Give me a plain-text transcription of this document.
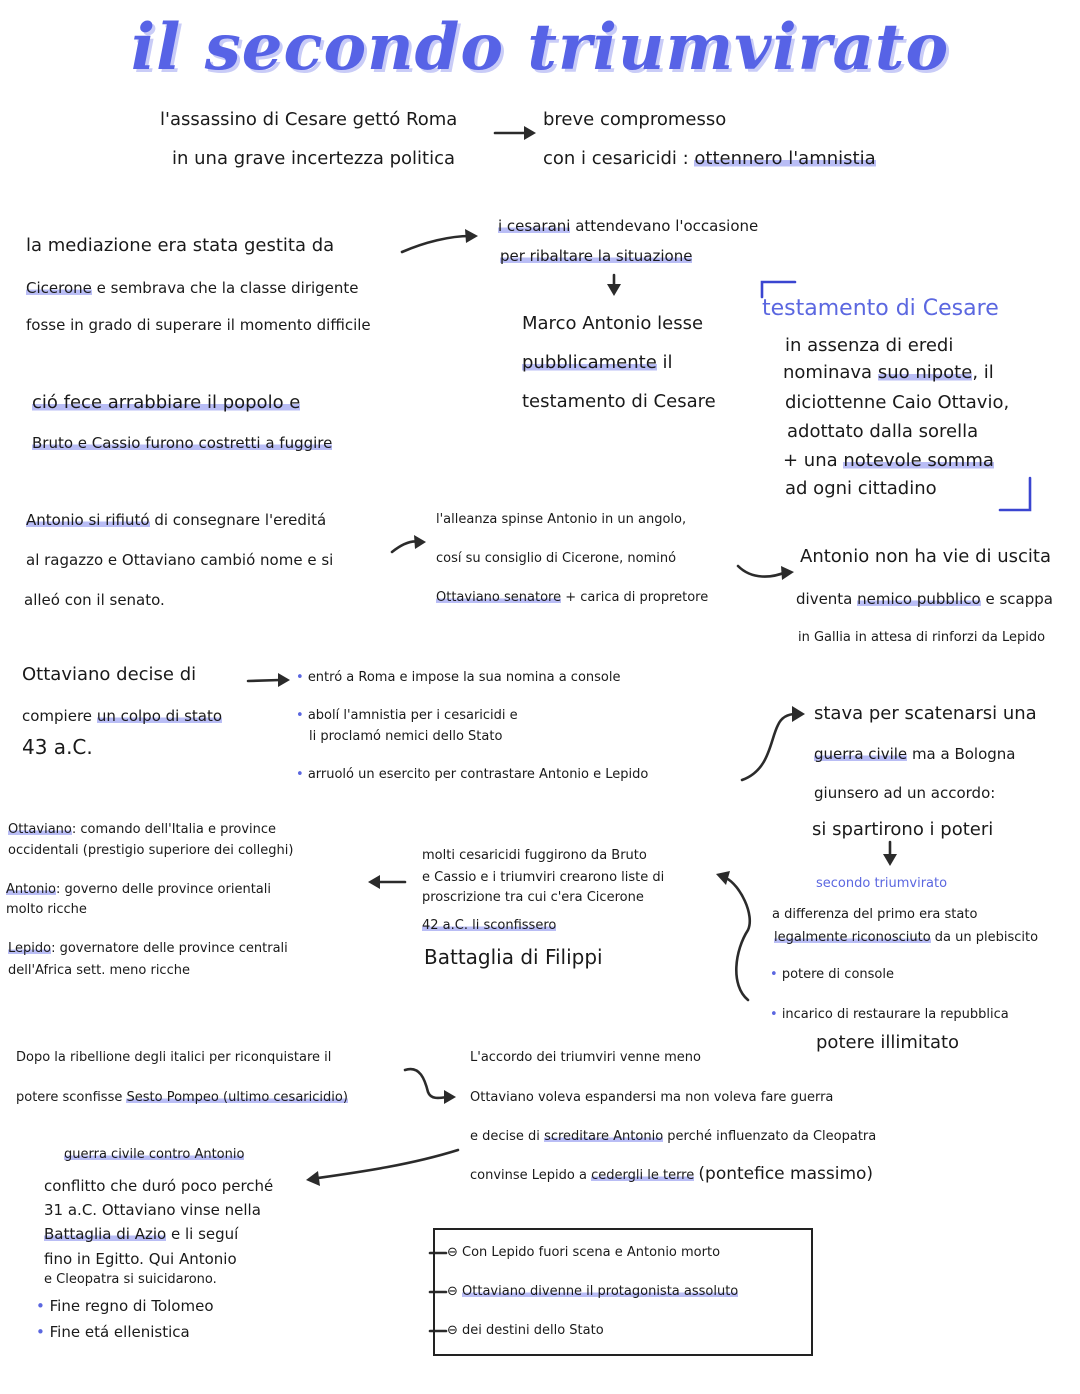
il secondo triumvirato
l'assassino di Cesare gettó Roma
in una grave incertezza politica
breve compromesso
con i cesaricidi : ottennero l'amnistia
la mediazione era stata gestita da
Cicerone e sembrava che la classe dirigente
fosse in grado di superare il momento difficile
ció fece arrabbiare il popolo e
Bruto e Cassio furono costretti a fuggire
i cesarani attendevano l'occasione
per ribaltare la situazione
Marco Antonio lesse
pubblicamente il
testamento di Cesare
testamento di Cesare
in assenza di eredi
nominava suo nipote, il
diciottenne Caio Ottavio,
adottato dalla sorella
+ una notevole somma
ad ogni cittadino
Antonio si rifiutó di consegnare l'ereditá
al ragazzo e Ottaviano cambió nome e si
alleó con il senato.
l'alleanza spinse Antonio in un angolo,
cosí su consiglio di Cicerone, nominó
Ottaviano senatore + carica di propretore
Antonio non ha vie di uscita
diventa nemico pubblico e scappa
in Gallia in attesa di rinforzi da Lepido
Ottaviano decise di
compiere un colpo di stato
43 a.C.
• entró a Roma e impose la sua nomina a console
• abolí l'amnistia per i cesaricidi e
li proclamó nemici dello Stato
• arruoló un esercito per contrastare Antonio e Lepido
stava per scatenarsi una
guerra civile ma a Bologna
giunsero ad un accordo:
si spartirono i poteri
Ottaviano: comando dell'Italia e province
occidentali (prestigio superiore dei colleghi)
Antonio: governo delle province orientali
molto ricche
Lepido: governatore delle province centrali
dell'Africa sett. meno ricche
molti cesaricidi fuggirono da Bruto
e Cassio e i triumviri crearono liste di
proscrizione tra cui c'era Cicerone
42 a.C. li sconfissero
Battaglia di Filippi
secondo triumvirato
a differenza del primo era stato
legalmente riconosciuto da un plebiscito
• potere di console
• incarico di restaurare la repubblica
potere illimitato
Dopo la ribellione degli italici per riconquistare il
potere sconfisse Sesto Pompeo (ultimo cesaricidio)
L'accordo dei triumviri venne meno
Ottaviano voleva espandersi ma non voleva fare guerra
e decise di screditare Antonio perché influenzato da Cleopatra
convinse Lepido a cedergli le terre (pontefice massimo)
guerra civile contro Antonio
conflitto che duró poco perché
31 a.C. Ottaviano vinse nella
Battaglia di Azio e li seguí
fino in Egitto. Qui Antonio
e Cleopatra si suicidarono.
• Fine regno di Tolomeo
• Fine etá ellenistica
⊖ Con Lepido fuori scena e Antonio morto
⊖ Ottaviano divenne il protagonista assoluto
⊖ dei destini dello Stato
